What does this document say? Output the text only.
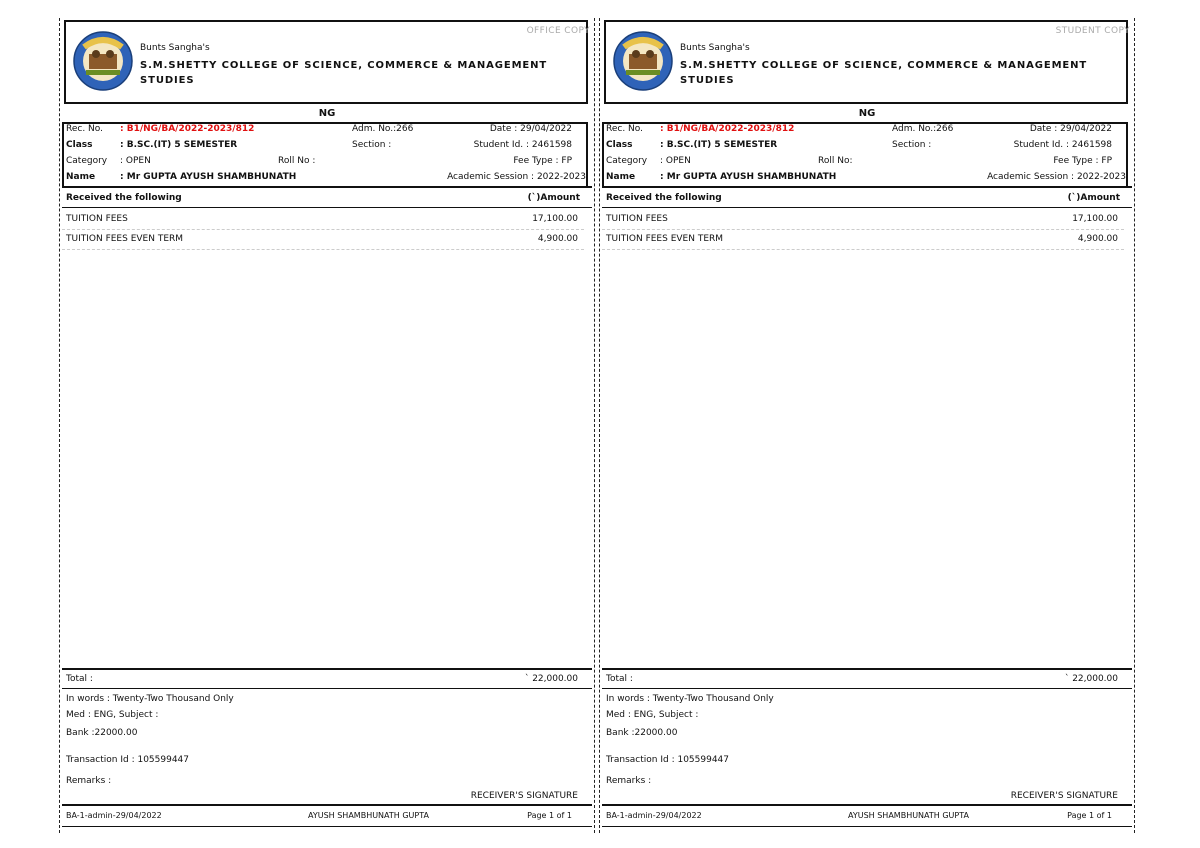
Bunts Sangha's
S.M.SHETTY COLLEGE OF SCIENCE, COMMERCE & MANAGEMENT STUDIES
OFFICE COPY
NG
Rec. No. : B1/NG/BA/2022-2023/812	Adm. No.:266	Date : 29/04/2022
Class	: B.SC.(IT) 5 SEMESTER	Section :	Student Id. : 2461598
Category : OPEN	Roll No :	Fee Type : FP
Name	: Mr GUPTA AYUSH SHAMBHUNATH	Academic Session : 2022-2023
Received the following	(`)Amount
TUITION FEES	17,100.00
TUITION FEES EVEN TERM	4,900.00
Total :	` 22,000.00
In words : Twenty-Two Thousand Only
Med : ENG, Subject :
Bank :22000.00
Transaction Id : 105599447
Remarks :
RECEIVER'S SIGNATURE
BA-1-admin-29/04/2022	AYUSH SHAMBHUNATH GUPTA	Page 1 of 1
Bunts Sangha's
S.M.SHETTY COLLEGE OF SCIENCE, COMMERCE & MANAGEMENT STUDIES
STUDENT COPY
NG
Rec. No. : B1/NG/BA/2022-2023/812	Adm. No.:266	Date : 29/04/2022
Class	: B.SC.(IT) 5 SEMESTER	Section :	Student Id. : 2461598
Category : OPEN	Roll No:	Fee Type : FP
Name	: Mr GUPTA AYUSH SHAMBHUNATH	Academic Session : 2022-2023
Received the following	(`)Amount
TUITION FEES	17,100.00
TUITION FEES EVEN TERM	4,900.00
Total :	` 22,000.00
In words : Twenty-Two Thousand Only
Med : ENG, Subject :
Bank :22000.00
Transaction Id : 105599447
Remarks :
RECEIVER'S SIGNATURE
BA-1-admin-29/04/2022	AYUSH SHAMBHUNATH GUPTA	Page 1 of 1
